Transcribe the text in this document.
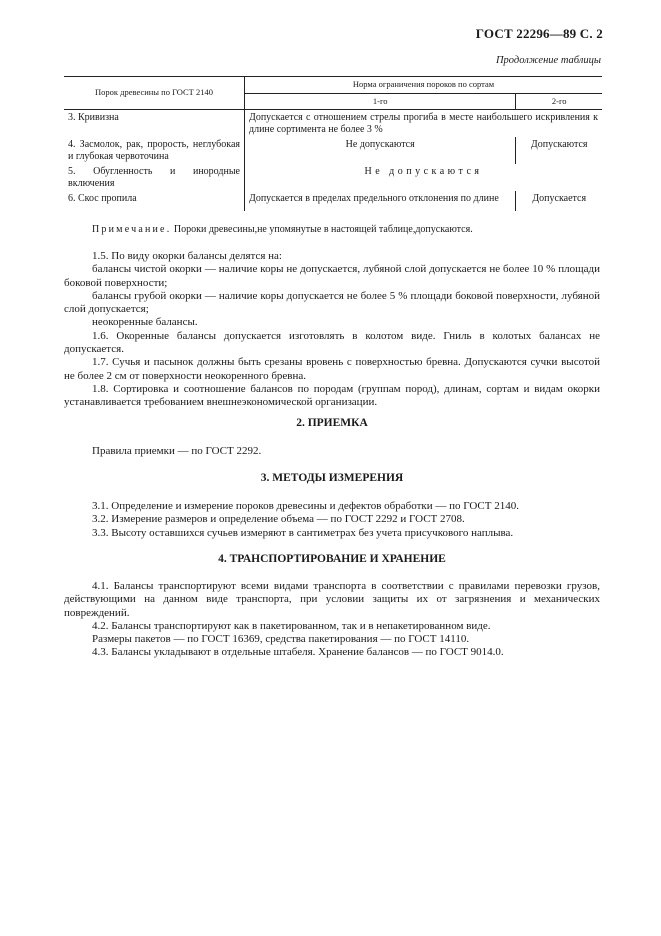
ГОСТ 22296—89 С. 2
Продолжение таблицы
Порок древесины по ГОСТ 2140	Норма ограничения пороков по сортам	
	1-го	2-го
3. Кривизна	Допускается с отношением стрелы прогиба в месте наибольшего искривления к длине сортимента не более 3 %	
4. Засмолок, рак, прорость, неглубокая и глубокая червоточина	Не допускаются	Допускаются
5. Обугленность и инородные включения	Не допускаются	
6. Скос пропила	Допускается в пределах предельного отклонения по длине	Допускается
Примечание. Пороки древесины,не упомянутые в настоящей таблице,допускаются.

1.5. По виду окорки балансы делятся на:

балансы чистой окорки — наличие коры не допускается, лубяной слой допускается не более 10 % площади боковой поверхности;

балансы грубой окорки — наличие коры допускается не более 5 % площади боковой поверхности, лубяной слой допускается;

неокоренные балансы.

1.6. Окоренные балансы допускается изготовлять в колотом виде. Гниль в колотых балансах не допускается.

1.7. Сучья и пасынок должны быть срезаны вровень с поверхностью бревна. Допускаются сучки высотой не более 2 см от поверхности неокоренного бревна.

1.8. Сортировка и соотношение балансов по породам (группам пород), длинам, сортам и видам окорки устанавливается требованием внешнеэкономической организации.

2. ПРИЕМКА

Правила приемки — по ГОСТ 2292.

3. МЕТОДЫ ИЗМЕРЕНИЯ

3.1. Определение и измерение пороков древесины и дефектов обработки — по ГОСТ 2140.

3.2. Измерение размеров и определение объема — по ГОСТ 2292 и ГОСТ 2708.

3.3. Высоту оставшихся сучьев измеряют в сантиметрах без учета присучкового наплыва.

4. ТРАНСПОРТИРОВАНИЕ И ХРАНЕНИЕ

4.1. Балансы транспортируют всеми видами транспорта в соответствии с правилами перевозки грузов, действующими на данном виде транспорта, при условии защиты их от загрязнения и механических повреждений.

4.2. Балансы транспортируют как в пакетированном, так и в непакетированном виде.

Размеры пакетов — по ГОСТ 16369, средства пакетирования — по ГОСТ 14110.

4.3. Балансы укладывают в отдельные штабеля. Хранение балансов — по ГОСТ 9014.0.
